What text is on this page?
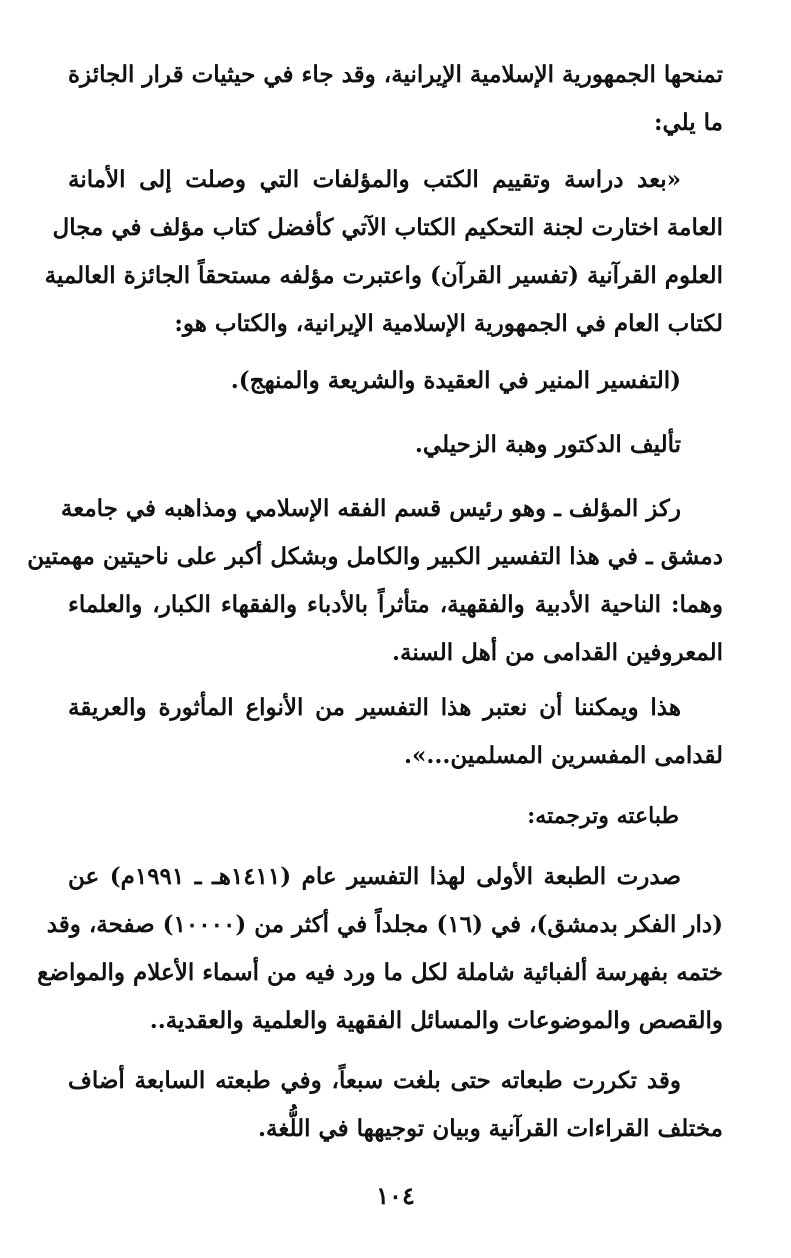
تمنحها الجمهورية الإسلامية الإيرانية، وقد جاء في حيثيات قرار الجائزة
ما يلي:
«بعد دراسة وتقييم الكتب والمؤلفات التي وصلت إلى الأمانة
العامة اختارت لجنة التحكيم الكتاب الآتي كأفضل كتاب مؤلف في مجال
العلوم القرآنية (تفسير القرآن) واعتبرت مؤلفه مستحقاً الجائزة العالمية
لكتاب العام في الجمهورية الإسلامية الإيرانية، والكتاب هو:
(التفسير المنير في العقيدة والشريعة والمنهج).
تأليف الدكتور وهبة الزحيلي.
ركز المؤلف ـ وهو رئيس قسم الفقه الإسلامي ومذاهبه في جامعة
دمشق ـ في هذا التفسير الكبير والكامل وبشكل أكبر على ناحيتين مهمتين
وهما: الناحية الأدبية والفقهية، متأثراً بالأدباء والفقهاء الكبار، والعلماء
المعروفين القدامى من أهل السنة.
هذا ويمكننا أن نعتبر هذا التفسير من الأنواع المأثورة والعريقة
لقدامى المفسرين المسلمين...».
طباعته وترجمته:
صدرت الطبعة الأولى لهذا التفسير عام (١٤١١هـ ـ ١٩٩١م) عن
(دار الفكر بدمشق)، في (١٦) مجلداً في أكثر من (١٠٠٠٠) صفحة، وقد
ختمه بفهرسة ألفبائية شاملة لكل ما ورد فيه من أسماء الأعلام والمواضع
والقصص والموضوعات والمسائل الفقهية والعلمية والعقدية..
وقد تكررت طبعاته حتى بلغت سبعاً، وفي طبعته السابعة أضاف
مختلف القراءات القرآنية وبيان توجيهها في اللُّغة.
١٠٤
